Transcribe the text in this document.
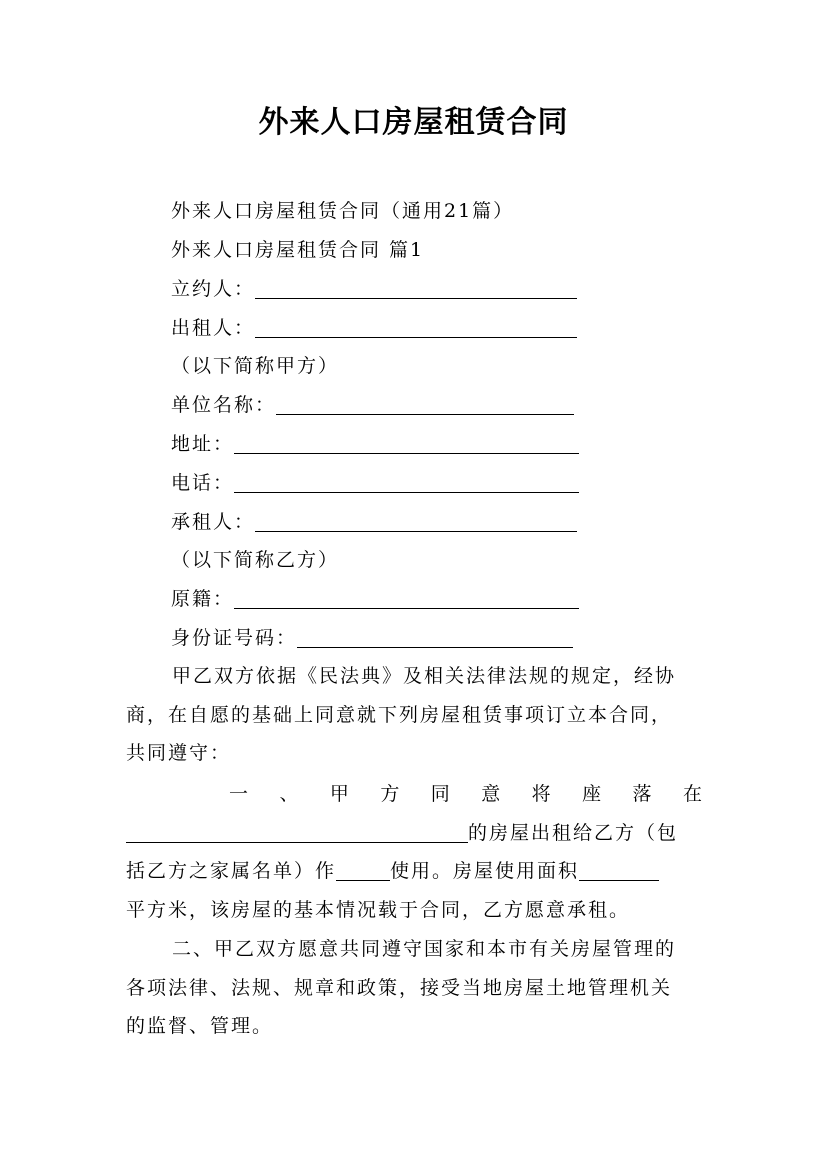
外来人口房屋租赁合同
外来人口房屋租赁合同（通用21篇）
外来人口房屋租赁合同 篇1
立约人：
出租人：
（以下简称甲方）
单位名称：
地址：
电话：
承租人：
（以下简称乙方）
原籍：
身份证号码：
甲乙双方依据《民法典》及相关法律法规的规定，经协
商，在自愿的基础上同意就下列房屋租赁事项订立本合同，
共同遵守：
一 、 甲 方 同 意 将 座 落 在
的房屋出租给乙方（包
括乙方之家属名单）作	使用。房屋使用面积
平方米，该房屋的基本情况载于合同，乙方愿意承租。
二、甲乙双方愿意共同遵守国家和本市有关房屋管理的
各项法律、法规、规章和政策，接受当地房屋土地管理机关
的监督、管理。
